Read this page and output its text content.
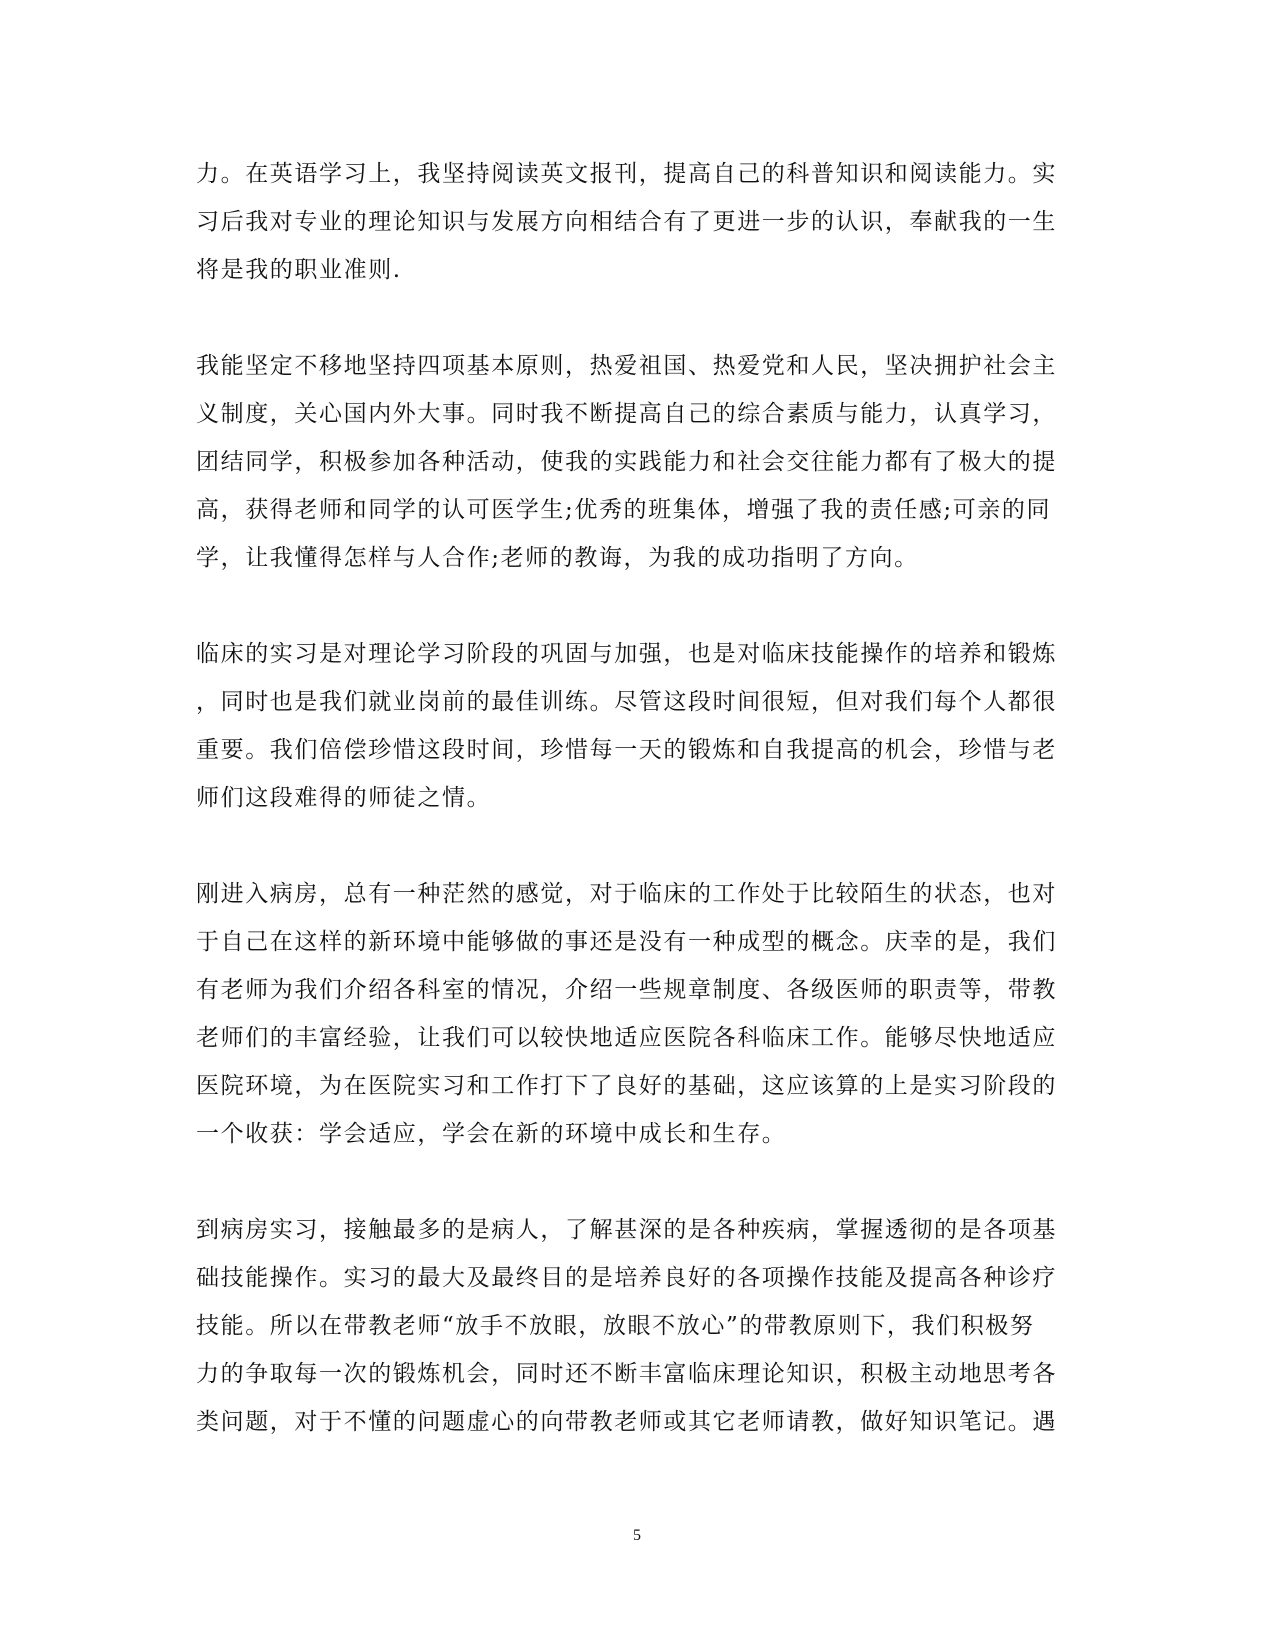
力。在英语学习上，我坚持阅读英文报刊，提高自己的科普知识和阅读能力。实
习后我对专业的理论知识与发展方向相结合有了更进一步的认识，奉献我的一生
将是我的职业准则.
我能坚定不移地坚持四项基本原则，热爱祖国、热爱党和人民，坚决拥护社会主
义制度，关心国内外大事。同时我不断提高自己的综合素质与能力，认真学习，
团结同学，积极参加各种活动，使我的实践能力和社会交往能力都有了极大的提
高，获得老师和同学的认可医学生;优秀的班集体，增强了我的责任感;可亲的同
学，让我懂得怎样与人合作;老师的教诲，为我的成功指明了方向。
临床的实习是对理论学习阶段的巩固与加强，也是对临床技能操作的培养和锻炼
，同时也是我们就业岗前的最佳训练。尽管这段时间很短，但对我们每个人都很
重要。我们倍偿珍惜这段时间，珍惜每一天的锻炼和自我提高的机会，珍惜与老
师们这段难得的师徒之情。
刚进入病房，总有一种茫然的感觉，对于临床的工作处于比较陌生的状态，也对
于自己在这样的新环境中能够做的事还是没有一种成型的概念。庆幸的是，我们
有老师为我们介绍各科室的情况，介绍一些规章制度、各级医师的职责等，带教
老师们的丰富经验，让我们可以较快地适应医院各科临床工作。能够尽快地适应
医院环境，为在医院实习和工作打下了良好的基础，这应该算的上是实习阶段的
一个收获：学会适应，学会在新的环境中成长和生存。
到病房实习，接触最多的是病人，了解甚深的是各种疾病，掌握透彻的是各项基
础技能操作。实习的最大及最终目的是培养良好的各项操作技能及提高各种诊疗
技能。所以在带教老师“放手不放眼，放眼不放心”的带教原则下，我们积极努
力的争取每一次的锻炼机会，同时还不断丰富临床理论知识，积极主动地思考各
类问题，对于不懂的问题虚心的向带教老师或其它老师请教，做好知识笔记。遇
5
